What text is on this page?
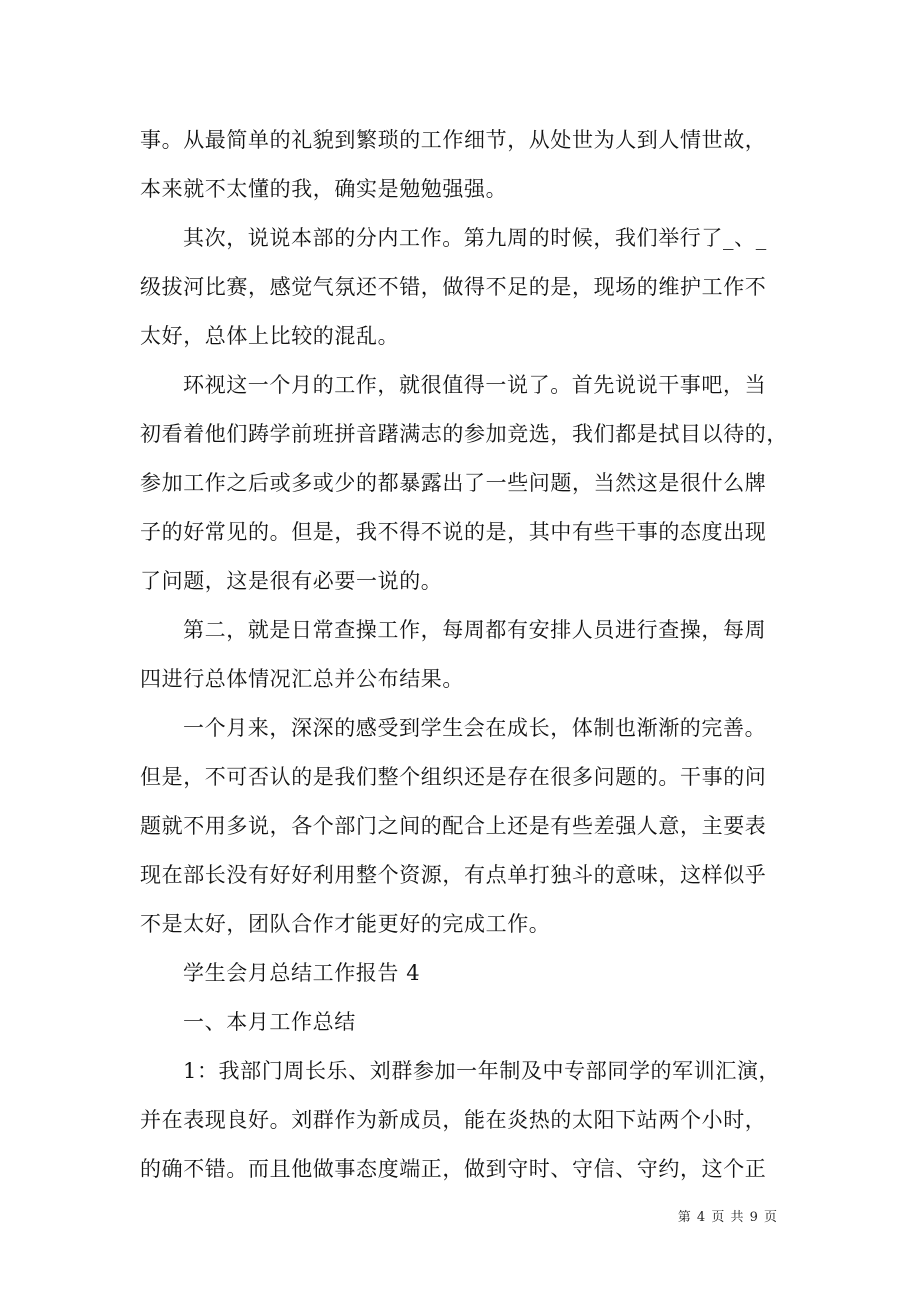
事。从最简单的礼貌到繁琐的工作细节，从处世为人到人情世故，
本来就不太懂的我，确实是勉勉强强。
其次，说说本部的分内工作。第九周的时候，我们举行了_、_
级拔河比赛，感觉气氛还不错，做得不足的是，现场的维护工作不
太好，总体上比较的混乱。
环视这一个月的工作，就很值得一说了。首先说说干事吧，当
初看着他们踌学前班拼音躇满志的参加竞选，我们都是拭目以待的，
参加工作之后或多或少的都暴露出了一些问题，当然这是很什么牌
子的好常见的。但是，我不得不说的是，其中有些干事的态度出现
了问题，这是很有必要一说的。
第二，就是日常查操工作，每周都有安排人员进行查操，每周
四进行总体情况汇总并公布结果。
一个月来，深深的感受到学生会在成长，体制也渐渐的完善。
但是，不可否认的是我们整个组织还是存在很多问题的。干事的问
题就不用多说，各个部门之间的配合上还是有些差强人意，主要表
现在部长没有好好利用整个资源，有点单打独斗的意味，这样似乎
不是太好，团队合作才能更好的完成工作。
学生会月总结工作报告 4
一、本月工作总结
1：我部门周长乐、刘群参加一年制及中专部同学的军训汇演，
并在表现良好。刘群作为新成员，能在炎热的太阳下站两个小时，
的确不错。而且他做事态度端正，做到守时、守信、守约，这个正
第 4 页 共 9 页
